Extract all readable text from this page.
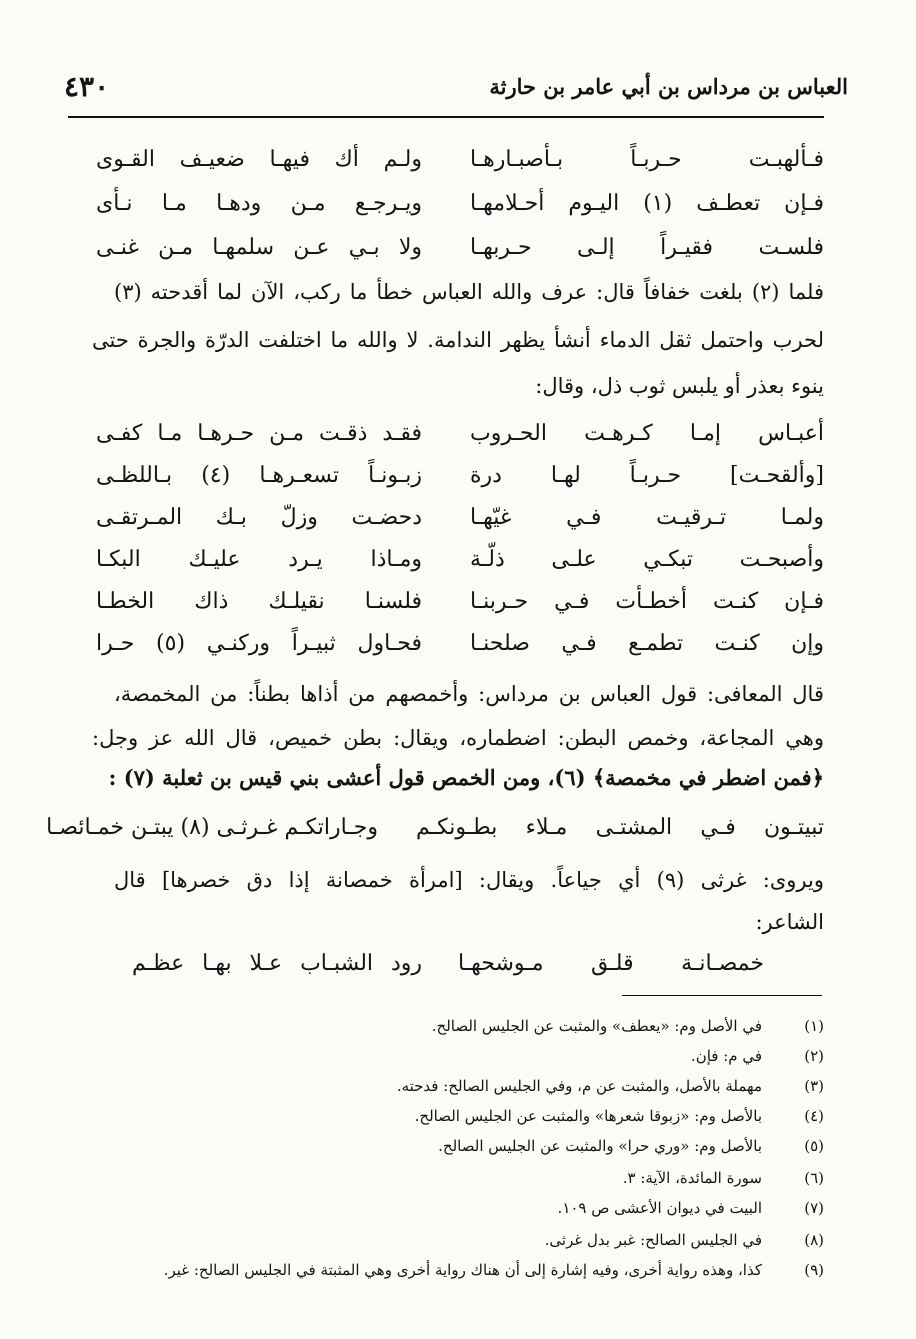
٤٣٠	العباس بن مرداس بن أبي عامر بن حارثة
فـألهبـت حـربـاً بـأصبـارهـا
ولـم أك فيهـا ضعيـف القـوى
فـإن تعطـف (١) اليـوم أحـلامهـا
ويـرجـع مـن ودهـا مـا نـأى
فلسـت فقيـراً إلـى حـربهـا
ولا بـي عـن سلمهـا مـن غنـى
فلما (٢) بلغت خفافاً قال: عرف والله العباس خطأ ما ركب، الآن لما أقدحته (٣)
لحرب واحتمل ثقل الدماء أنشأ يظهر الندامة. لا والله ما اختلفت الدرّة والجرة حتى
ينوء بعذر أو يلبس ثوب ذل، وقال:
أعبـاس إمـا كـرهـت الحـروب
فقـد ذقـت مـن حـرهـا مـا كفـى
[وألقحـت] حـربـاً لهـا درة
زبـونـاً تسعـرهـا (٤) بـاللظـى
ولمـا تـرقيـت فـي غيّهـا
دحضـت وزلّ بـك المـرتقـى
وأصبحـت تبكـي علـى ذلّـة
ومـاذا يـرد عليـك البكـا
فـإن كنـت أخطـأت فـي حـربنـا
فلسنـا نقيلـك ذاك الخطـا
وإن كنـت تطمـع فـي صلحنـا
فحـاول ثبيـراً وركنـي (٥) حـرا
قال المعافى: قول العباس بن مرداس: وأخمصهم من أذاها بطناً: من المخمصة،
وهي المجاعة، وخمص البطن: اضطماره، ويقال: بطن خميص، قال الله عز وجل:
﴿فمن اضطر في مخمصة﴾ (٦)، ومن الخمص قول أعشى بني قيس بن ثعلبة (٧) :
تبيتـون فـي المشتـى مـلاء بطـونكـم
وجـاراتكـم غـرثـى (٨) يبتـن خمـائصـا
ويروى: غرثى (٩) أي جياعاً. ويقال: [امرأة خمصانة إذا دق خصرها] قال
الشاعر:
خمصـانـة قلـق مـوشحهـا
رود الشبـاب عـلا بهـا عظـم
(١)
في الأصل وم: «يعطف» والمثبت عن الجليس الصالح.
(٢)
في م: فإن.
(٣)
مهملة بالأصل، والمثبت عن م، وفي الجليس الصالح: فدحته.
(٤)
بالأصل وم: «زبوقا شعرها» والمثبت عن الجليس الصالح.
(٥)
بالأصل وم: «وري حرا» والمثبت عن الجليس الصالح.
(٦)
سورة المائدة، الآية: ٣.
(٧)
البيت في ديوان الأعشى ص ١٠٩.
(٨)
في الجليس الصالح: غبر بدل غرثى.
(٩)
كذا، وهذه رواية أخرى، وفيه إشارة إلى أن هناك رواية أخرى وهي المثبتة في الجليس الصالح: غير.
